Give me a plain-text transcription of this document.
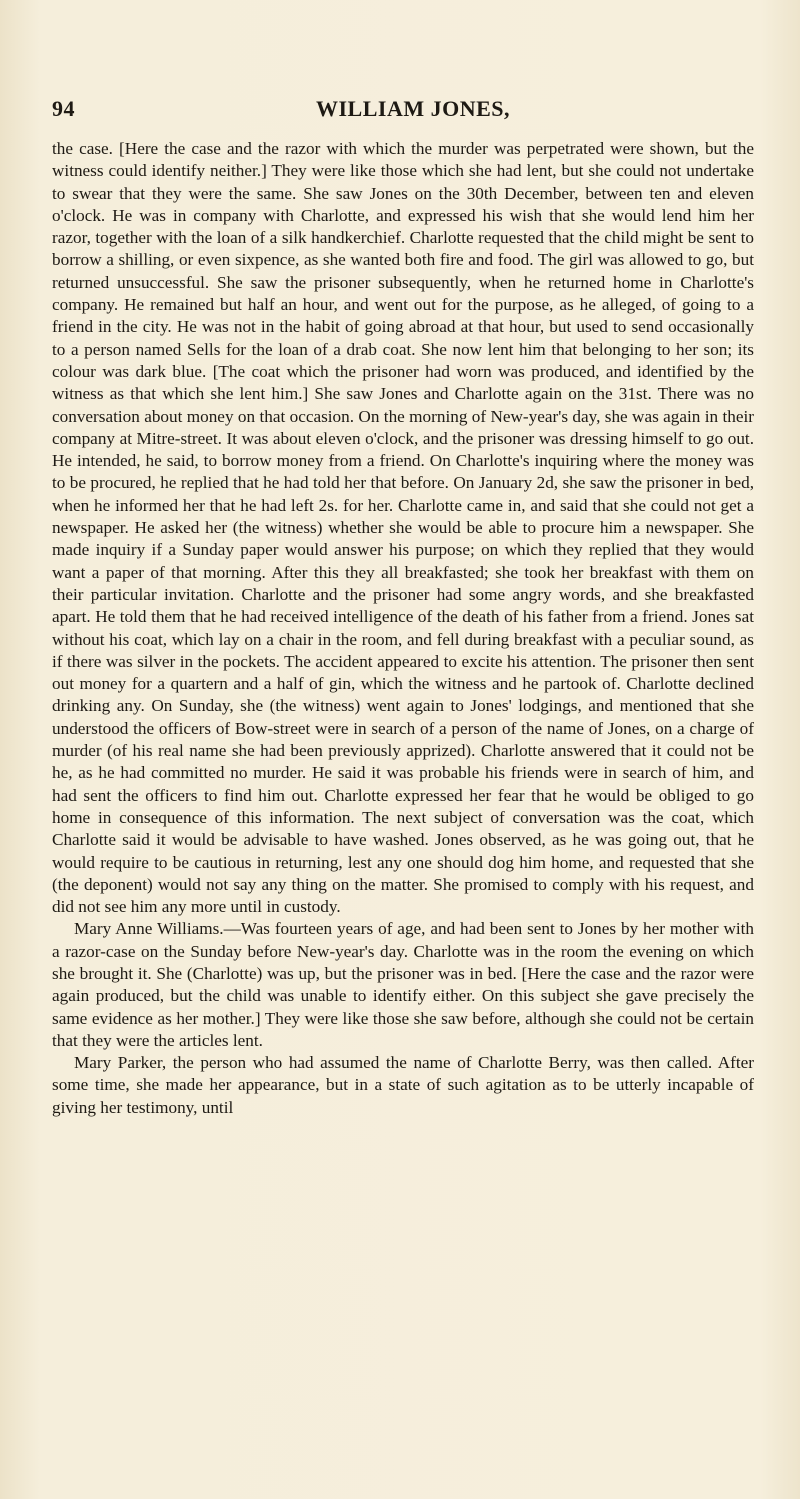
94	WILLIAM JONES,

the case. [Here the case and the razor with which the murder was perpetrated were shown, but the witness could identify neither.] They were like those which she had lent, but she could not undertake to swear that they were the same. She saw Jones on the 30th December, between ten and eleven o'clock. He was in company with Charlotte, and expressed his wish that she would lend him her razor, together with the loan of a silk handkerchief. Charlotte requested that the child might be sent to borrow a shilling, or even sixpence, as she wanted both fire and food. The girl was allowed to go, but returned unsuccessful. She saw the prisoner subsequently, when he returned home in Charlotte's company. He remained but half an hour, and went out for the purpose, as he alleged, of going to a friend in the city. He was not in the habit of going abroad at that hour, but used to send occasionally to a person named Sells for the loan of a drab coat. She now lent him that belonging to her son; its colour was dark blue. [The coat which the prisoner had worn was produced, and identified by the witness as that which she lent him.] She saw Jones and Charlotte again on the 31st. There was no conversation about money on that occasion. On the morning of New-year's day, she was again in their company at Mitre-street. It was about eleven o'clock, and the prisoner was dressing himself to go out. He intended, he said, to borrow money from a friend. On Charlotte's inquiring where the money was to be procured, he replied that he had told her that before. On January 2d, she saw the prisoner in bed, when he informed her that he had left 2s. for her. Charlotte came in, and said that she could not get a newspaper. He asked her (the witness) whether she would be able to procure him a newspaper. She made inquiry if a Sunday paper would answer his purpose; on which they replied that they would want a paper of that morning. After this they all breakfasted; she took her breakfast with them on their particular invitation. Charlotte and the prisoner had some angry words, and she breakfasted apart. He told them that he had received intelligence of the death of his father from a friend. Jones sat without his coat, which lay on a chair in the room, and fell during breakfast with a peculiar sound, as if there was silver in the pockets. The accident appeared to excite his attention. The prisoner then sent out money for a quartern and a half of gin, which the witness and he partook of. Charlotte declined drinking any. On Sunday, she (the witness) went again to Jones' lodgings, and mentioned that she understood the officers of Bow-street were in search of a person of the name of Jones, on a charge of murder (of his real name she had been previously apprized). Charlotte answered that it could not be he, as he had committed no murder. He said it was probable his friends were in search of him, and had sent the officers to find him out. Charlotte expressed her fear that he would be obliged to go home in consequence of this information. The next subject of conversation was the coat, which Charlotte said it would be advisable to have washed. Jones observed, as he was going out, that he would require to be cautious in returning, lest any one should dog him home, and requested that she (the deponent) would not say any thing on the matter. She promised to comply with his request, and did not see him any more until in custody.

Mary Anne Williams.—Was fourteen years of age, and had been sent to Jones by her mother with a razor-case on the Sunday before New-year's day. Charlotte was in the room the evening on which she brought it. She (Charlotte) was up, but the prisoner was in bed. [Here the case and the razor were again produced, but the child was unable to identify either. On this subject she gave precisely the same evidence as her mother.] They were like those she saw before, although she could not be certain that they were the articles lent.

Mary Parker, the person who had assumed the name of Charlotte Berry, was then called. After some time, she made her appearance, but in a state of such agitation as to be utterly incapable of giving her testimony, until
